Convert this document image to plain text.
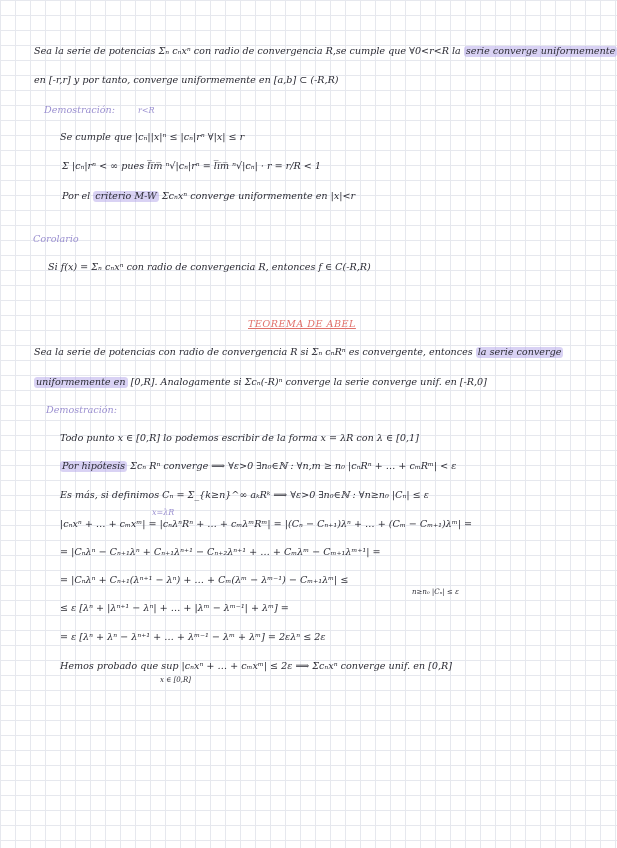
Sea la serie de potencias Σₙ cₙxⁿ con radio de convergencia R,se cumple que ∀0<r<R la serie converge uniformemente
en [-r,r] y por tanto, converge uniformemente en [a,b] ⊂ (-R,R)
Demostración:	r<R
Se cumple que |cₙ||x|ⁿ ≤ |cₙ|rⁿ ∀|x| ≤ r
Σ |cₙ|rⁿ < ∞ pues l̅i̅m̅ ⁿ√|cₙ|rⁿ = l̅i̅m̅ ⁿ√|cₙ| · r = r/R < 1
Por el criterio M-W Σcₙxⁿ converge uniformemente en |x|<r
Corolario
Si f(x) = Σₙ cₙxⁿ con radio de convergencia R, entonces f ∈ C(-R,R)
TEOREMA DE ABEL
Sea la serie de potencias con radio de convergencia R si Σₙ cₙRⁿ es convergente, entonces la serie converge
uniformemente en [0,R]. Analogamente si Σcₙ(-R)ⁿ converge la serie converge unif. en [-R,0]
Demostración:
Todo punto x ∈ [0,R] lo podemos escribir de la forma x = λR con λ ∈ [0,1]
Por hipótesis Σcₙ Rⁿ converge ⟹ ∀ε>0 ∃n₀∈ℕ : ∀n,m ≥ n₀ |cₙRⁿ + … + cₘRᵐ| < ε
Es más, si definimos Cₙ = Σ_{k≥n}^∞ aₖRᵏ ⟹ ∀ε>0 ∃n₀∈ℕ : ∀n≥n₀ |Cₙ| ≤ ε
x=λR
|cₙxⁿ + … + cₘxᵐ| = |cₙλⁿRⁿ + … + cₘλᵐRᵐ| = |(Cₙ − Cₙ₊₁)λⁿ + … + (Cₘ − Cₘ₊₁)λᵐ| =
= |Cₙλⁿ − Cₙ₊₁λⁿ + Cₙ₊₁λⁿ⁺¹ − Cₙ₊₂λⁿ⁺¹ + … + Cₘλᵐ − Cₘ₊₁λᵐ⁺¹| =
= |Cₙλⁿ + Cₙ₊₁(λⁿ⁺¹ − λⁿ) + … + Cₘ(λᵐ − λᵐ⁻¹) − Cₘ₊₁λᵐ| ≤
n≥n₀ |Cₙ| ≤ ε
≤ ε [λⁿ + |λⁿ⁺¹ − λⁿ| + … + |λᵐ − λᵐ⁻¹| + λᵐ] =
= ε [λⁿ + λⁿ − λⁿ⁺¹ + … + λᵐ⁻¹ − λᵐ + λᵐ] = 2ελⁿ ≤ 2ε
Hemos probado que sup |cₙxⁿ + … + cₘxᵐ| ≤ 2ε ⟹ Σcₙxⁿ converge unif. en [0,R]
x ∈ [0,R]
